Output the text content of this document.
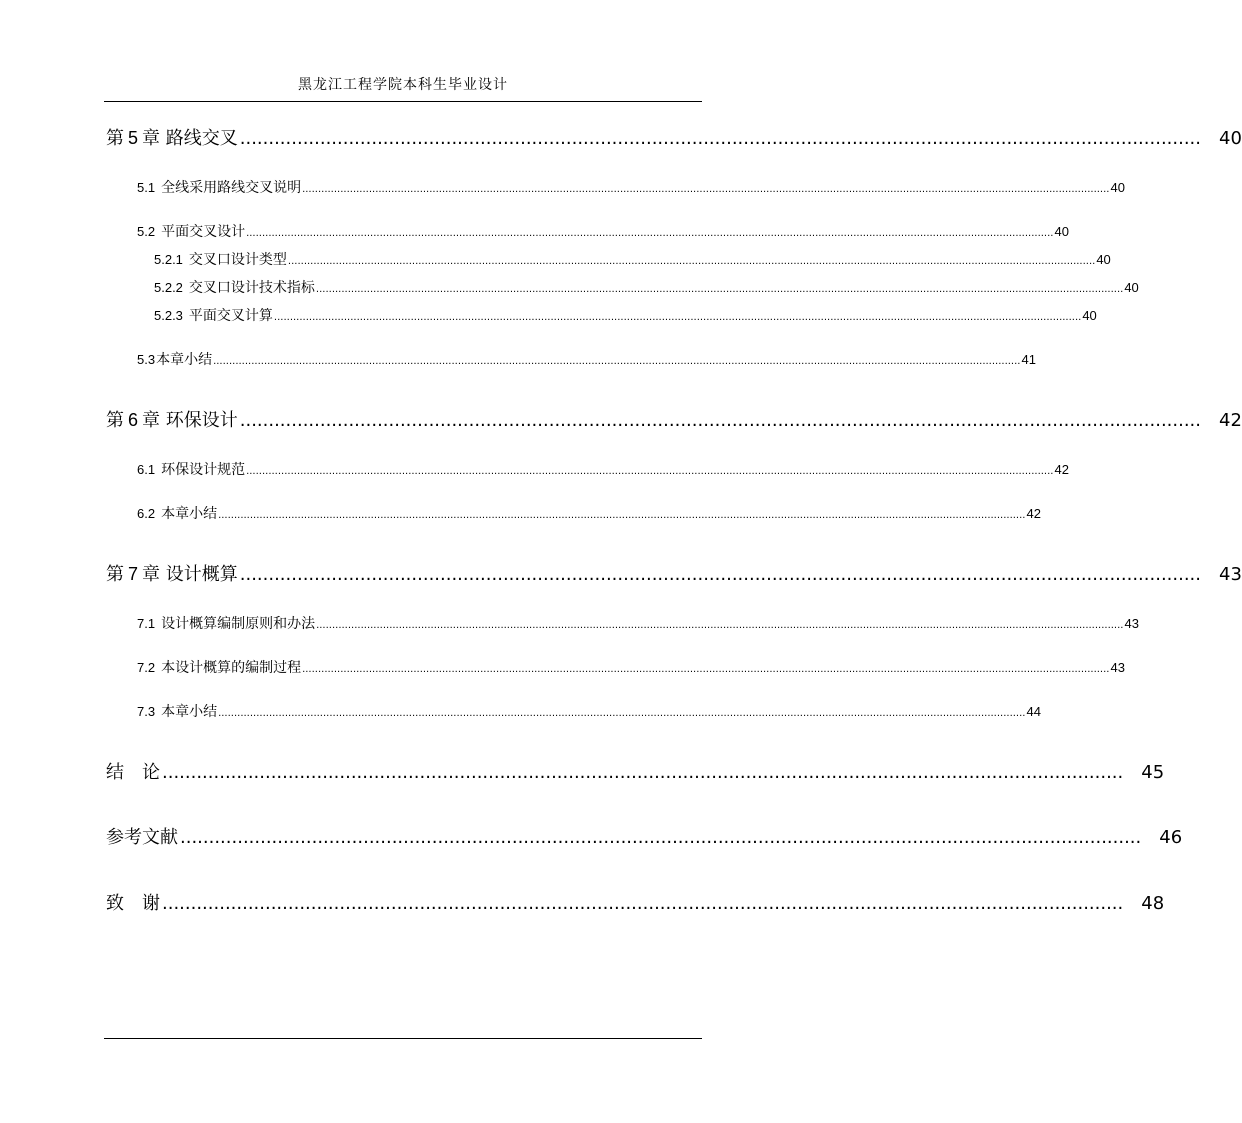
黑龙江工程学院本科生毕业设计
第 5 章 路线交叉 ........................................................................................................................................................................ 40
5.1 全线采用路线交叉说明 .............................................................................................................................................................................................................................................................. 40
5.2 平面交叉设计 .............................................................................................................................................................................................................................................................. 40
5.2.1 交叉口设计类型 .............................................................................................................................................................................................................................................................. 40
5.2.2 交叉口设计技术指标 .............................................................................................................................................................................................................................................................. 40
5.2.3 平面交叉计算 .............................................................................................................................................................................................................................................................. 40
5.3本章小结 .............................................................................................................................................................................................................................................................. 41
第 6 章 环保设计 ........................................................................................................................................................................ 42
6.1 环保设计规范 .............................................................................................................................................................................................................................................................. 42
6.2 本章小结 .............................................................................................................................................................................................................................................................. 42
第 7 章 设计概算 ........................................................................................................................................................................ 43
7.1 设计概算编制原则和办法 .............................................................................................................................................................................................................................................................. 43
7.2 本设计概算的编制过程 .............................................................................................................................................................................................................................................................. 43
7.3 本章小结 .............................................................................................................................................................................................................................................................. 44
结　论 ........................................................................................................................................................................ 45
参考文献 ........................................................................................................................................................................ 46
致　谢 ........................................................................................................................................................................ 48
